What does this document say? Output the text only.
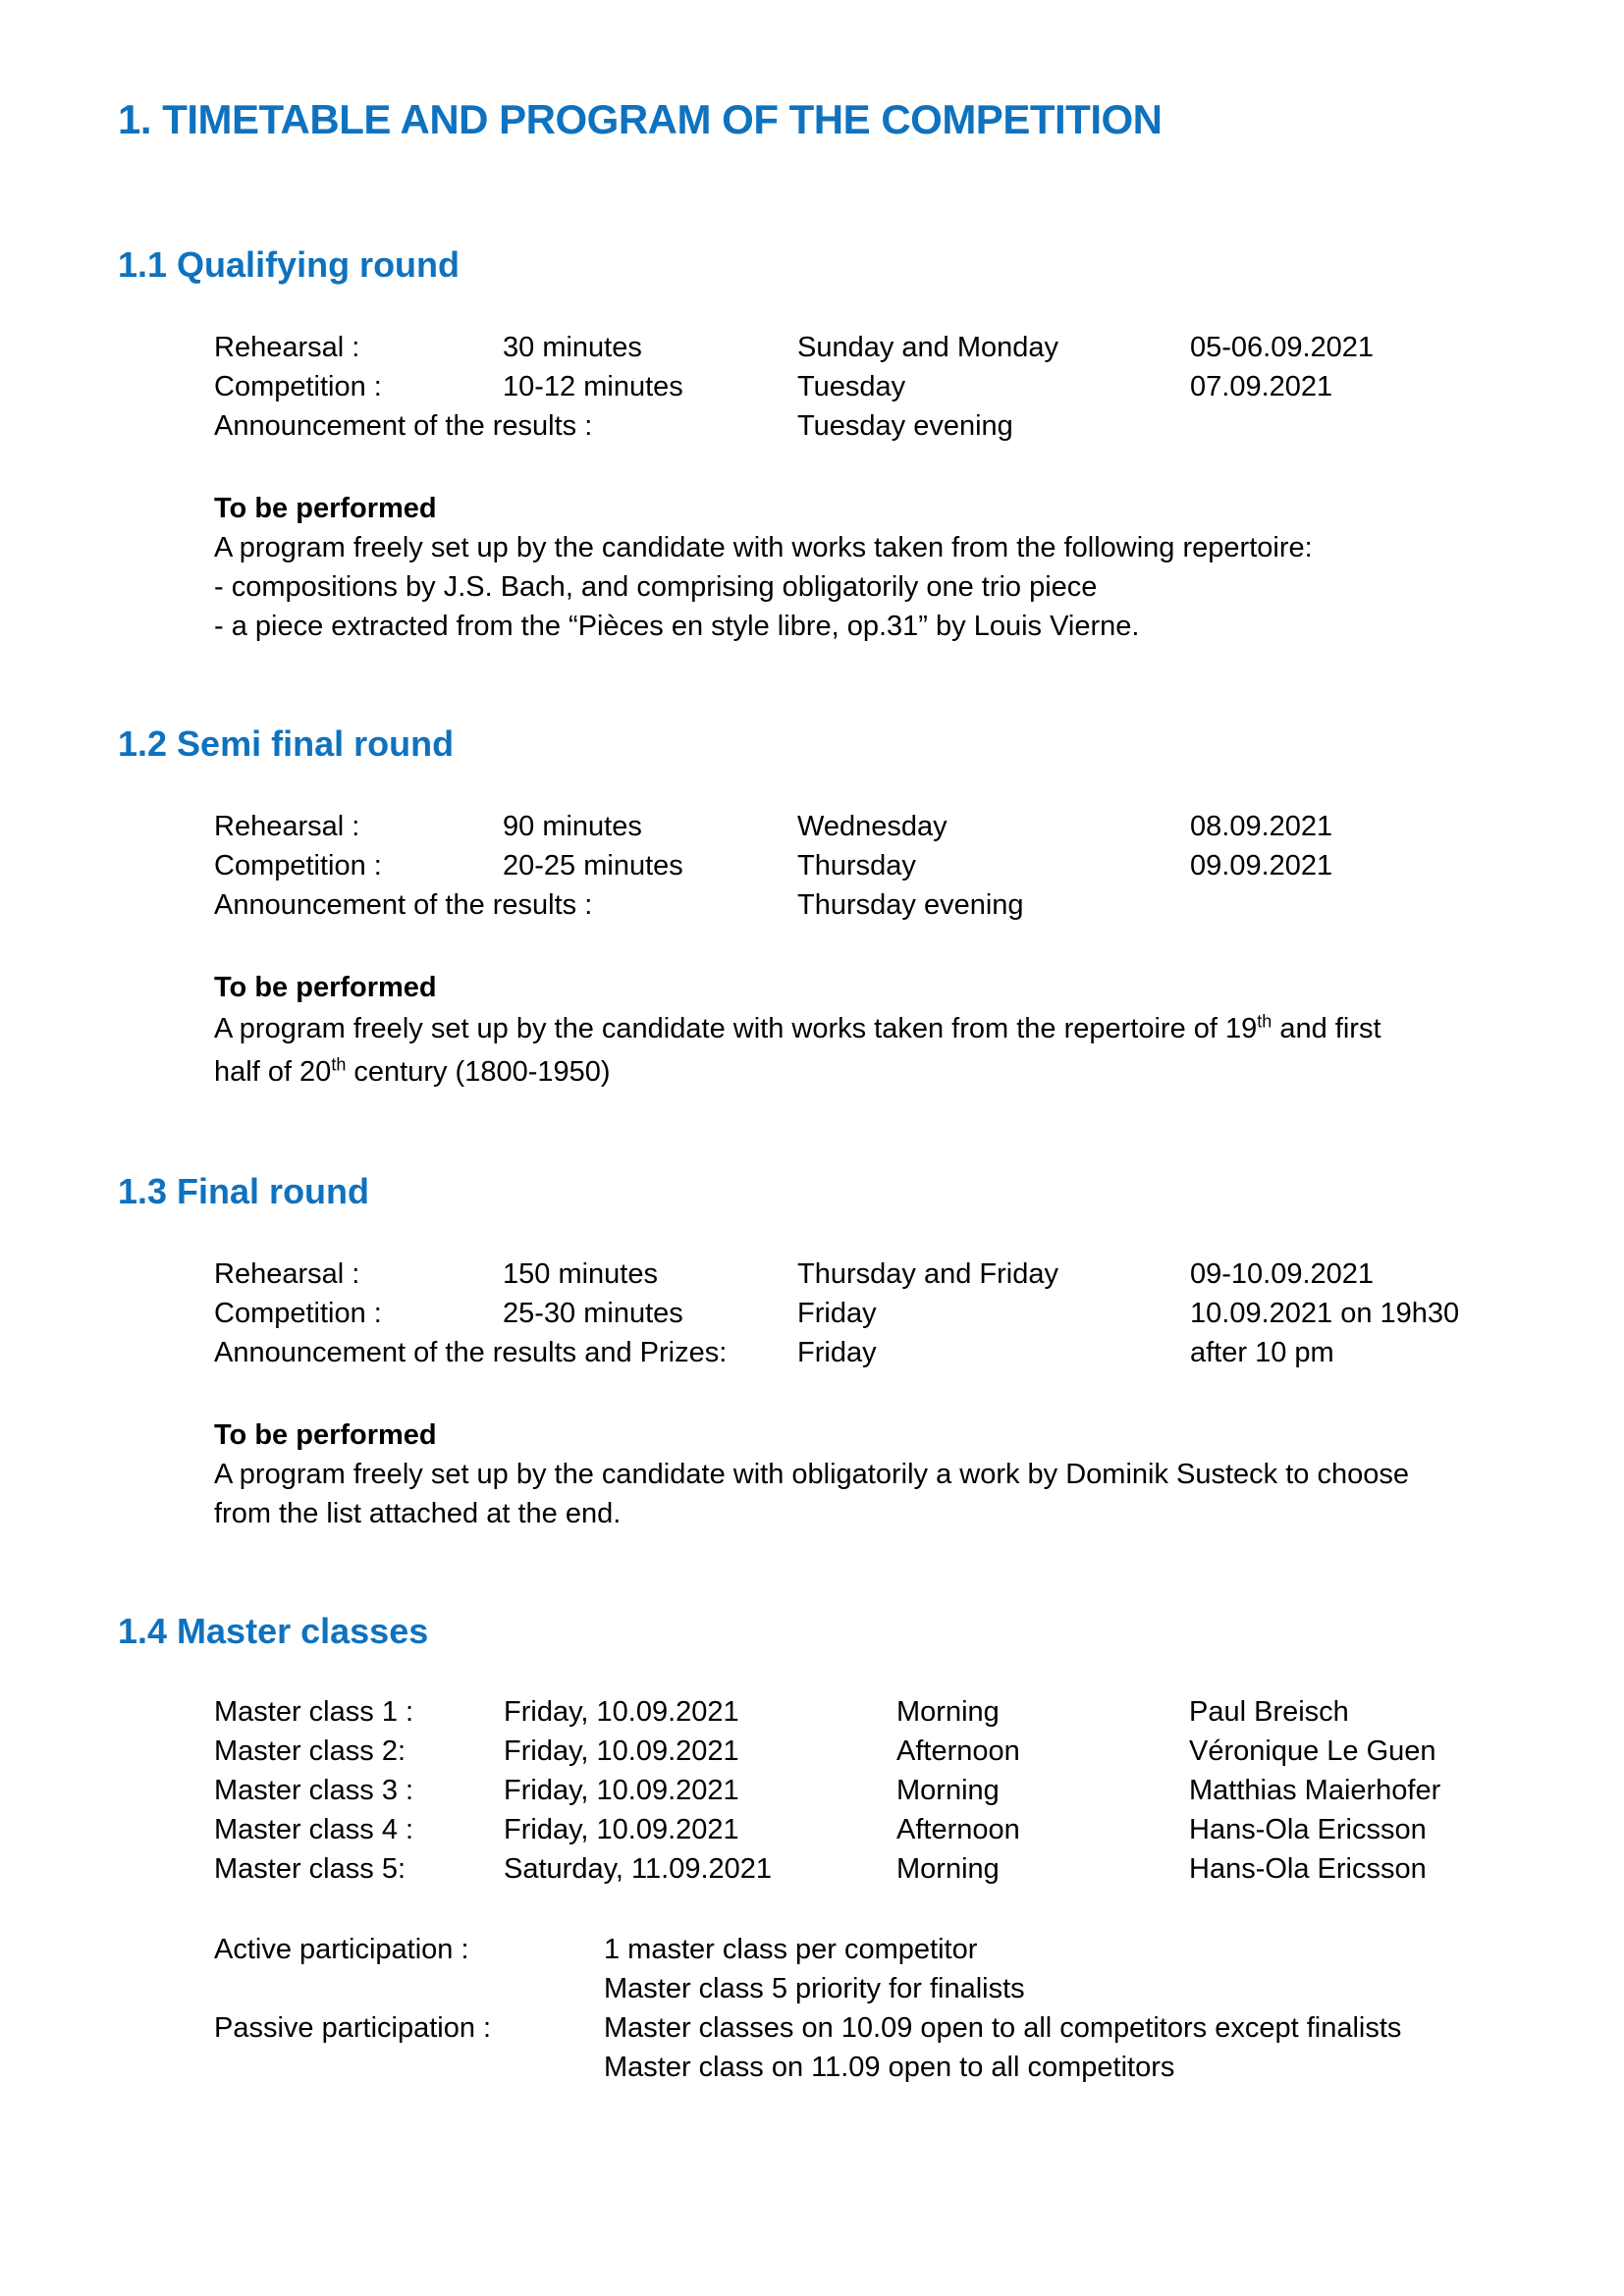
1. TIMETABLE AND PROGRAM OF THE COMPETITION
1.1 Qualifying round
Rehearsal :	30 minutes	Sunday and Monday	05-06.09.2021
Competition :	10-12 minutes	Tuesday	07.09.2021
Announcement of the results :	Tuesday evening
To be performed
A program freely set up by the candidate with works taken from the following repertoire:
- compositions by J.S. Bach, and comprising obligatorily one trio piece
- a piece extracted from the “Pièces en style libre, op.31” by Louis Vierne.
1.2 Semi final round
Rehearsal :	90 minutes	Wednesday	08.09.2021
Competition :	20-25 minutes	Thursday	09.09.2021
Announcement of the results :	Thursday evening
To be performed
A program freely set up by the candidate with works taken from the repertoire of 19th and first
half of 20th century (1800-1950)
1.3 Final round
Rehearsal :	150 minutes	Thursday and Friday	09-10.09.2021
Competition :	25-30 minutes	Friday	10.09.2021 on 19h30
Announcement of the results and Prizes:	Friday	after 10 pm
To be performed
A program freely set up by the candidate with obligatorily a work by Dominik Susteck to choose
from the list attached at the end.
1.4 Master classes
Master class 1 :	Friday, 10.09.2021	Morning	Paul Breisch
Master class 2:	Friday, 10.09.2021	Afternoon	Véronique Le Guen
Master class 3 :	Friday, 10.09.2021	Morning	Matthias Maierhofer
Master class 4 :	Friday, 10.09.2021	Afternoon	Hans-Ola Ericsson
Master class 5:	Saturday, 11.09.2021	Morning	Hans-Ola Ericsson
Active participation :	1 master class per competitor
Master class 5 priority for finalists
Passive participation :	Master classes on 10.09 open to all competitors except finalists
Master class on 11.09 open to all competitors
